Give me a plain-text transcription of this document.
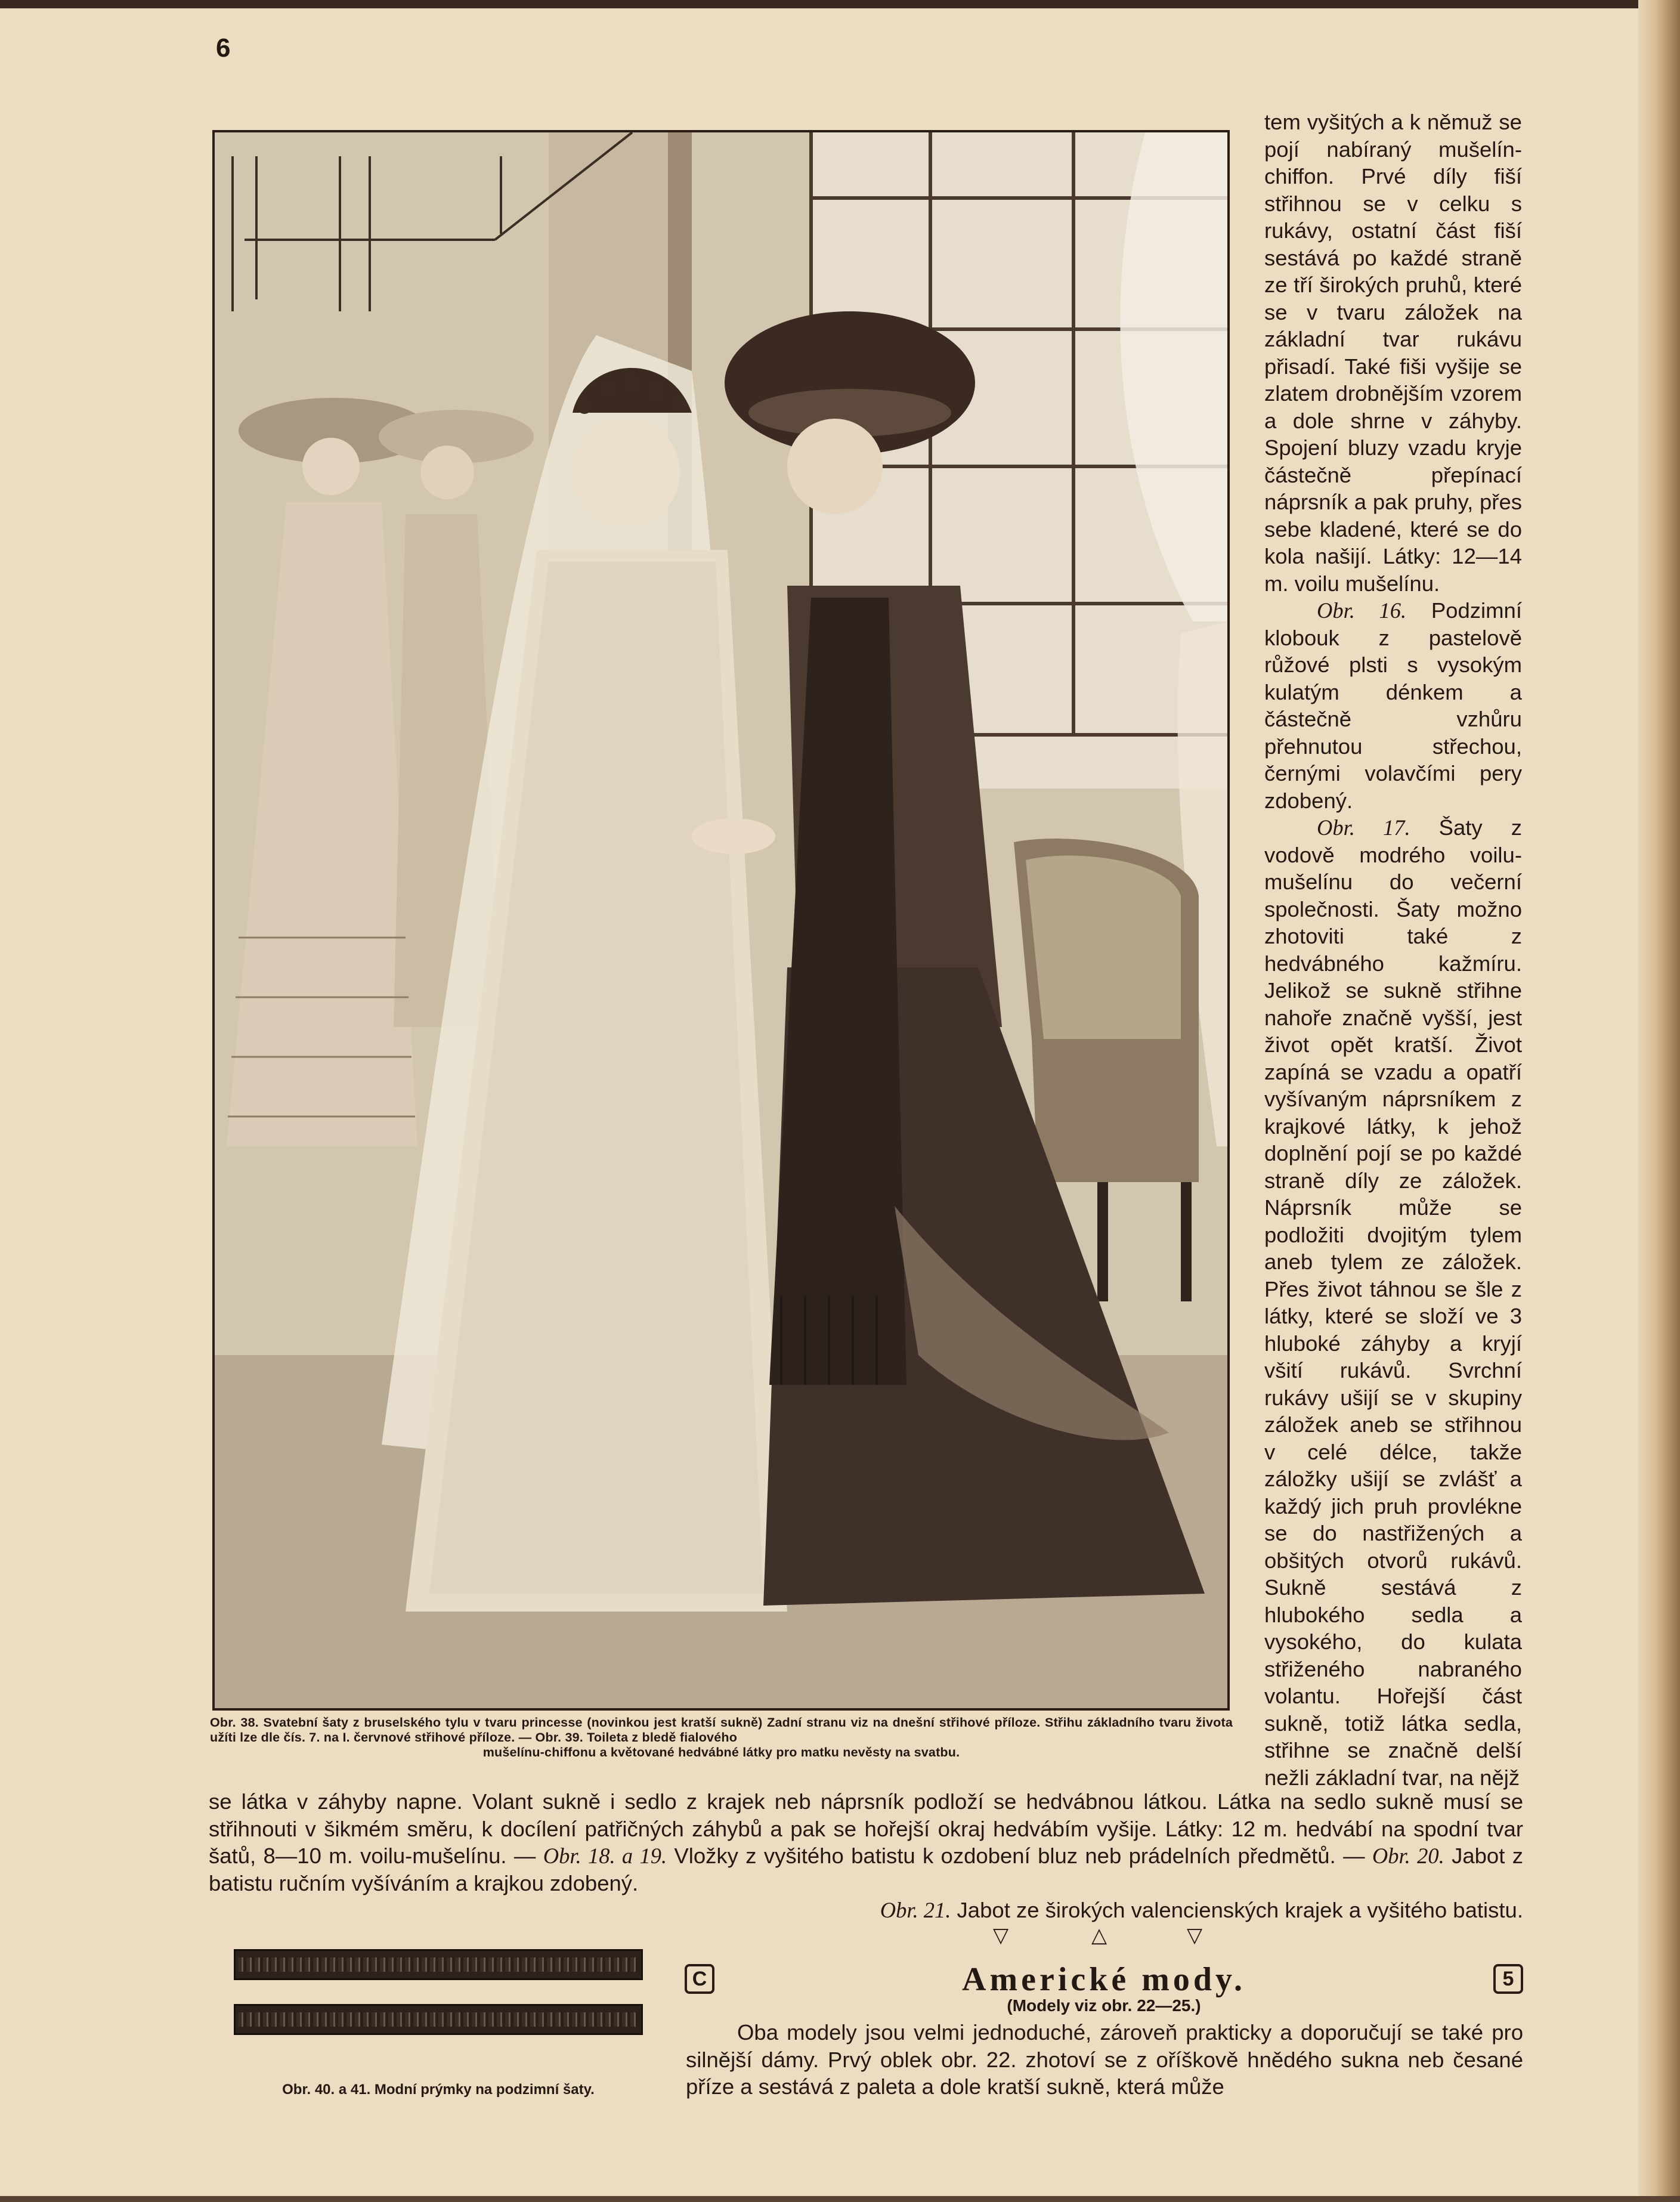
6
Obr. 38. Svatební šaty z bruselského tylu v tvaru princesse (novinkou jest kratší sukně) Zadní stranu viz na dnešní střihové příloze. Střihu základního tvaru života užíti lze dle čís. 7. na I. červnové střihové příloze. — Obr. 39. Toileta z bledě fialového
mušelínu-chiffonu a květované hedvábné látky pro matku nevěsty na svatbu.

tem vyšitých a k němuž se pojí nabíraný mušelín-chiffon. Prvé díly fiší střihnou se v celku s rukávy, ostatní část fiší sestává po každé straně ze tří širokých pruhů, které se v tvaru záložek na základní tvar rukávu přisadí. Také fiši vyšije se zlatem drobnějším vzorem a dole shrne v záhyby. Spojení bluzy vzadu kryje částečně přepínací náprsník a pak pruhy, přes sebe kladené, které se do kola našijí. Látky: 12—14 m. voilu mušelínu.

Obr. 16. Podzimní klobouk z pastelově růžové plsti s vysokým kulatým dénkem a částečně vzhůru přehnutou střechou, černými volavčími pery zdobený.

Obr. 17. Šaty z vodově modrého voilu-mušelínu do večerní společnosti. Šaty možno zhotoviti také z hedvábného kažmíru. Jelikož se sukně střihne nahoře značně vyšší, jest život opět kratší. Život zapíná se vzadu a opatří vyšívaným náprsníkem z krajkové látky, k jehož doplnění pojí se po každé straně díly ze záložek. Náprsník může se podložiti dvojitým tylem aneb tylem ze záložek. Přes život táhnou se šle z látky, které se složí ve 3 hluboké záhyby a kryjí všití rukávů. Svrchní rukávy ušijí se v skupiny záložek aneb se střihnou v celé délce, takže záložky ušijí se zvlášť a každý jich pruh provlékne se do nastřižených a obšitých otvorů rukávů. Sukně sestává z hlubokého sedla a vysokého, do kulata střiženého nabraného volantu. Hořejší část sukně, totiž látka sedla, střihne se značně delší nežli základní tvar, na nějž

se látka v záhyby napne. Volant sukně i sedlo z krajek neb náprsník podloží se hedvábnou látkou. Látka na sedlo sukně musí se střihnouti v šikmém směru, k docílení patřičných záhybů a pak se hořejší okraj hedvábím vyšije. Látky: 12 m. hedvábí na spodní tvar šatů, 8—10 m. voilu-mušelínu. — Obr. 18. a 19. Vložky z vyšitého batistu k ozdobení bluz neb prádelních předmětů. — Obr. 20. Jabot z batistu ručním vyšíváním a krajkou zdobený.

Obr. 21. Jabot ze širokých valencienských krajek a vyšitého batistu.

▽	△	▽
Obr. 40. a 41. Modní prýmky na podzimní šaty.
C	5
Americké mody.
(Modely viz obr. 22—25.)
Oba modely jsou velmi jednoduché, zároveň prakticky a doporučují se také pro silnější dámy. Prvý oblek obr. 22. zhotoví se z oříškově hnědého sukna neb česané příze a sestává z paletа a dole kratší sukně, která může
